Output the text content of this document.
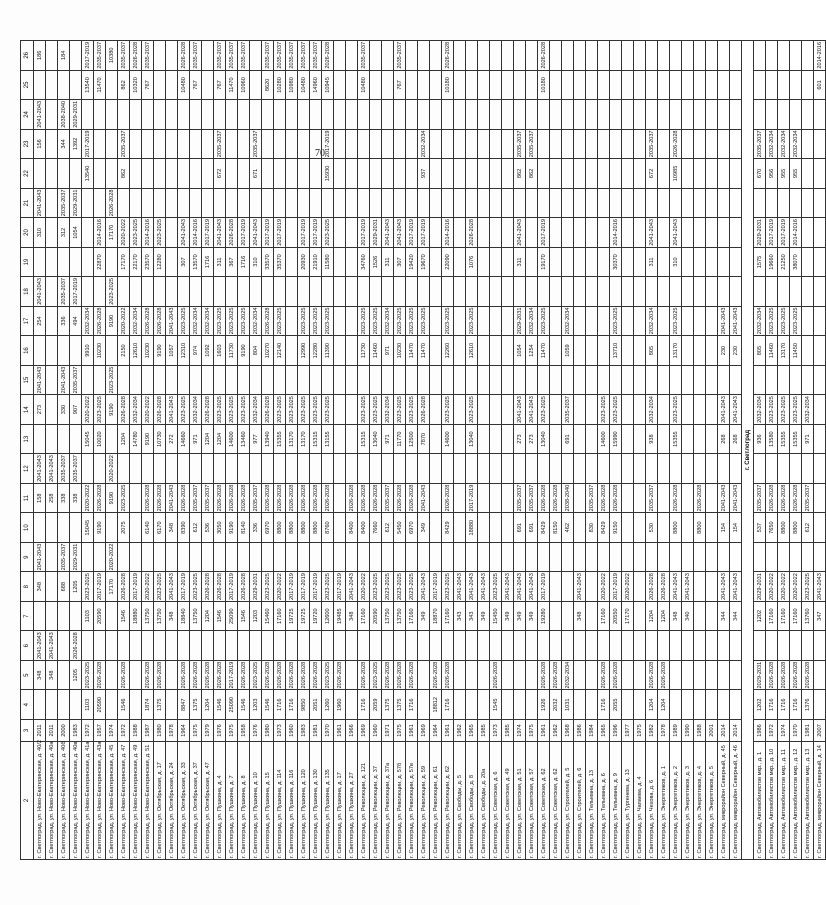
70
2	3	4	5	6	7	8	9	10	11	12	13	14	15	16	17	18	19	20	21	22	23	24	25	26
г. Светлоград, ул. Ново-Екатеринская, д. 40/2	2011		348	2041-2043		348	2041-2043		158	2041-2043		273	2041-2043		254	2041-2043		310	2041-2043		156	2041-2043		186
г. Светлоград, ул. Ново-Екатеринская, д. 40а	2011		348	2041-2043					258	2041-2043														
г. Светлоград, ул. Ново-Екатеринская, д. 40б	2000					688	2035-2037		338	2035-2037		330	2041-2043		336	2035-2037		312	2035-2037		344	2038-2040		184
г. Светлоград, ул. Ново-Екатеринская, д. 40в	1983		1205	2026-2028		1205	2029-2031		338	2035-2037		907	2035-2037		494	2017-2019		1054	2029-2031		1392	2029-2031		
г. Светлоград, ул. Ново-Екатеринская, д. 41а	1972	1103	2023-2025		1103	2023-2025		15045	2020-2022		15045	2020-2022		9910	2032-2034					13540	2017-2019		13540	2017-2019
г. Светлоград, ул. Ново-Екатеринская, д. 43а	1957	20590	2026-2028		20590	2017-2019		9190	2026-2028		10020	2023-2025		10230	2026-2028		22870	2014-2016					11470	2035-2037
г. Светлоград, ул. Ново-Екатеринская, д. 45	1974					17170	2020-2022		9190	2020-2022		9190	2023-2025		9190	2023-2025		17170	2026-2028					10380
г. Светлоград, ул. Ново-Екатеринская, д. 47	1972	1546	2026-2028		1546	2026-2028		2075	2023-2025		1204	2026-2028		2150	2020-2022		17170	2020-2022		862	2035-2037		862	2035-2037
г. Светлоград, ул. Ново-Екатеринская, д. 49	1988				18880	2017-2019					14780	2032-2034		12610	2032-2034		22170	2023-2025					10320	2026-2028
г. Светлоград, ул. Ново-Екатеринская, д. 51	1987	1874	2026-2028		13750	2020-2022		6140	2026-2028		9190	2020-2022		10230	2026-2028		23570	2014-2016					767	2035-2037
г. Светлоград, ул. Октябрьская, д. 17	1980	1375	2026-2028		13750	2023-2025		6170	2026-2028		10730	2026-2028		9190	2026-2028		12280	2023-2025						
г. Светлоград, ул. Октябрьская, д. 24	1978				348	2041-2043		348	2041-2043		272	2041-2043		1057	2041-2043									
г. Светлоград, ул. Октябрьская, д. 33	1964	8847	2026-2028		18840	2017-2019		8390	2026-2028		14660	2023-2025		12310	2023-2025		307	2041-2043					10480	2026-2028
г. Светлоград, ул. Октябрьская, д. 37	1975	1375	2026-2028		13750	2023-2025		612	2035-2037		971	2032-2034		974	2032-2034		13570	2014-2016					767	2035-2037
г. Светлоград, ул. Октябрьская, д. 47	1979	1204	2026-2028		1204	2026-2028		536	2035-2037		1204	2026-2028		1092	2032-2034		1716	2017-2019						
г. Светлоград, ул. Пушкина, д. 4	1976	1546	2026-2028		1546	2026-2028		3050	2026-2028		1204	2023-2025		1603	2023-2025		311	2041-2043		672	2035-2037		767	2035-2037
г. Светлоград, ул. Пушкина, д. 7	1975	25090	2017-2019		25090	2017-2019		9190	2026-2028		14600	2023-2025		11730	2023-2025		367	2026-2028					11470	2035-2037
г. Светлоград, ул. Пушкина, д. 8	1958	1546	2026-2028		1546	2026-2028		8140	2026-2028		13460	2023-2025		9190	2023-2025		1716	2017-2019					10960	2035-2037
г. Светлоград, ул. Пушкина, д. 10	1976	1203	2023-2025		1203	2029-2031		336	2035-2037		977	2032-2034		804	2032-2034		310	2041-2043		671	2035-2037			
г. Светлоград, ул. Пушкина, д. 15	1980	1546	2026-2028		15460	2023-2025		6970	2026-2028		13940	2026-2028		10270	2026-2028		33570	2017-2019					8620	2035-2037
г. Светлоград, ул. Пушкина, д. 114	1973	1716	2026-2028		17160	2020-2022		8800	2026-2028		15355	2023-2025		12140	2023-2025		35370	2017-2019					10280	2035-2037
г. Светлоград, ул. Пушкина, д. 116	1960	1716	2026-2028		19725	2017-2019		8800	2026-2028		13170	2023-2025											10980	2035-2037
г. Светлоград, ул. Пушкина, д. 120	1983	9850	2026-2028		19725	2017-2019		8800	2026-2028		13170	2023-2025		12990	2023-2025		20930	2017-2019					10480	2035-2037
г. Светлоград, ул. Пушкина, д. 130	1981	2051	2026-2028		19720	2017-2019		8800	2026-2028		15315	2023-2025		12280	2023-2025		21910	2017-2019					14960	2035-2037
г. Светлоград, ул. Пушкина, д. 135	1970	1260	2023-2025		12600	2023-2025		8760	2026-2028		13155	2023-2025		11390	2023-2025		11580	2023-2025		15930	2017-2019		10945	2026-2028
г. Светлоград, ул. Пушкина, д. 17	1961	1960	2026-2028		19485	2017-2019																		
г. Светлоград, ул. Пушкина, д. 27	1966				348	2041-2043		8400	2026-2028															
г. Светлоград, ул. Революции, д. 121	1969	1716	2026-2028		17160	2020-2022		8400	2026-2028		15315	2023-2025		11730	2023-2025		34760	2017-2019					10480	2035-2037
г. Светлоград, ул. Революции, д. 37	1960	2059	2023-2025		20590	2023-2025		7660	2026-2028		13040	2023-2025		11460	2023-2025		1526	2029-2031						
г. Светлоград, ул. Революции, д. 37а	1971	1375	2026-2028		13750	2023-2025		612	2035-2037		971	2032-2034		971	2032-2034		311	2041-2043						
г. Светлоград, ул. Революции, д. 57б	1975	1375	2026-2028		13750	2023-2025		5450	2026-2028		11770	2023-2025		10230	2023-2025		307	2041-2043					767	2035-2037
г. Светлоград, ул. Революции, д. 57в	1961	1716	2026-2028		17160	2023-2025		6970	2026-2028		12500	2023-2025		11470	2023-2025		19420	2017-2019						
г. Светлоград, ул. Революции, д. 59	1969				349	2041-2043		349	2041-2043		7870	2026-2028		11470	2023-2025		19670	2017-2019		937	2032-2034			
г. Светлоград, ул. Революции, д. 61	1964	18812	2026-2028		18870	2017-2019																		
г. Светлоград, ул. Революции, д. 62	1961	1716	2026-2028		17160	2023-2025		8429	2026-2028		14600	2023-2025		12260	2023-2025		22090	2014-2016					10180	2026-2028
г. Светлоград, ул. Свободы, д. 5	1962				343	2041-2043																		
г. Светлоград, ул. Свободы, д. 8	1965				343	2041-2043		18880	2017-2019		13040	2023-2025		12610	2023-2025		1076	2026-2028						
г. Светлоград, ул. Свободы, д. 20а	1985				349	2041-2043																		
г. Светлоград, ул. Советская, д. 6	1973	1545	2026-2028		15450	2023-2025																		
г. Светлоград, ул. Советская, д. 49	1985				349	2041-2043																		
г. Светлоград, ул. Советская, д. 51	1974				349	2041-2043		691	2035-2037		273	2041-2043		1054	2029-2031		311	2041-2043		862	2035-2037			
г. Светлоград, ул. Советская, д. 57	1975				349	2041-2043		691	2035-2037		273	2041-2043		1254	2032-2034					862	2035-2037			
г. Светлоград, ул. Советская, д. 62	1961	1926	2026-2028		19280	2017-2019		8429	2026-2028		13040	2023-2025		11470	2023-2025		19170	2017-2019					10180	2026-2028
г. Светлоград, ул. Советская, д. 62	1962	2032	2026-2028					8150	2026-2028															
г. Светлоград, ул. Строителей, д. 5	1968	1031	2032-2034					462	2038-2040		691	2035-2037		1059	2032-2034									
г. Светлоград, ул. Строителей, д. 6	1986				348	2041-2043																		
г. Светлоград, ул. Тельмана, д. 13	1984							830	2035-2037															
г. Светлоград, ул. Тельмана, д. 6	1965	1716	2026-2028		17160	2020-2022		8429	2026-2028		14600	2023-2025												
г. Светлоград, ул. Тельмана, д. 9	1996	2055	2026-2028		20550	2017-2019		9150	2026-2028		15990	2023-2025		13710	2023-2025		30370	2014-2016						
г. Светлоград, ул. Тургенева, д. 13	1977				17170	2020-2022																		
г. Светлоград, ул. Чапаева, д. 4	1975																							
г. Светлоград, ул. Чехова, д. 6	1982	1204	2026-2028		1204	2026-2028		530	2035-2037		938	2032-2034		805	2032-2034		311	2041-2043		672	2035-2037			
г. Светлоград, ул. Энергетиков, д. 1	1978	1204	2026-2028		1204	2026-2028																		
г. Светлоград, ул. Энергетиков, д. 2	1989				348	2041-2043		8800	2026-2028		15355	2023-2025		13170	2023-2025		310	2041-2043		10985	2026-2028			
г. Светлоград, ул. Энергетиков, д. 3	1990				340	2041-2043																		
г. Светлоград, ул. Энергетиков, д. 4	1988							8800	2026-2028															
г. Светлоград, ул. Энергетиков, д. 5	2001																							
г. Светлоград, микрорайон Северный, д. 45	2014				344	2041-2043		154	2041-2043		268	2041-2043		230	2041-2043									
г. Светлоград, микрорайон Северный, д. 46	2014				344	2041-2043		154	2041-2043		268	2041-2043		230	2041-2043									
г. Светлоград																								
г. Светлоград, Автомобилистов мкр., д. 1	1986	1202	2029-2031		1202	2029-2031		537	2035-2037		936	2032-2034		805	2032-2034		1575	2029-2031		670	2035-2037			
г. Светлоград, Автомобилистов мкр., д. 10	1972	1716	2026-2028		17160	2020-2022		7650	2026-2028		13580	2023-2025		11460	2023-2025		19660	2017-2019		956	2032-2034			
г. Светлоград, Автомобилистов мкр., д. 11	1974	1716	2026-2028		17160	2020-2022		8800	2026-2028		15355	2023-2025		13170	2023-2025		21250	2017-2019		955	2032-2034			
г. Светлоград, Автомобилистов мкр., д. 12	1970	1716	2026-2028		17160	2020-2022		8800	2026-2028		15355	2023-2025		11450	2023-2025		38070	2014-2016		955	2032-2034			
г. Светлоград, Автомобилистов мкр., д. 13	1981	1376	2026-2028		13760	2023-2025		612	2035-2037		971	2032-2034												
г. Светлоград, микрорайон Северный, д. 14	2007				347	2041-2043																	601	2014-2016
